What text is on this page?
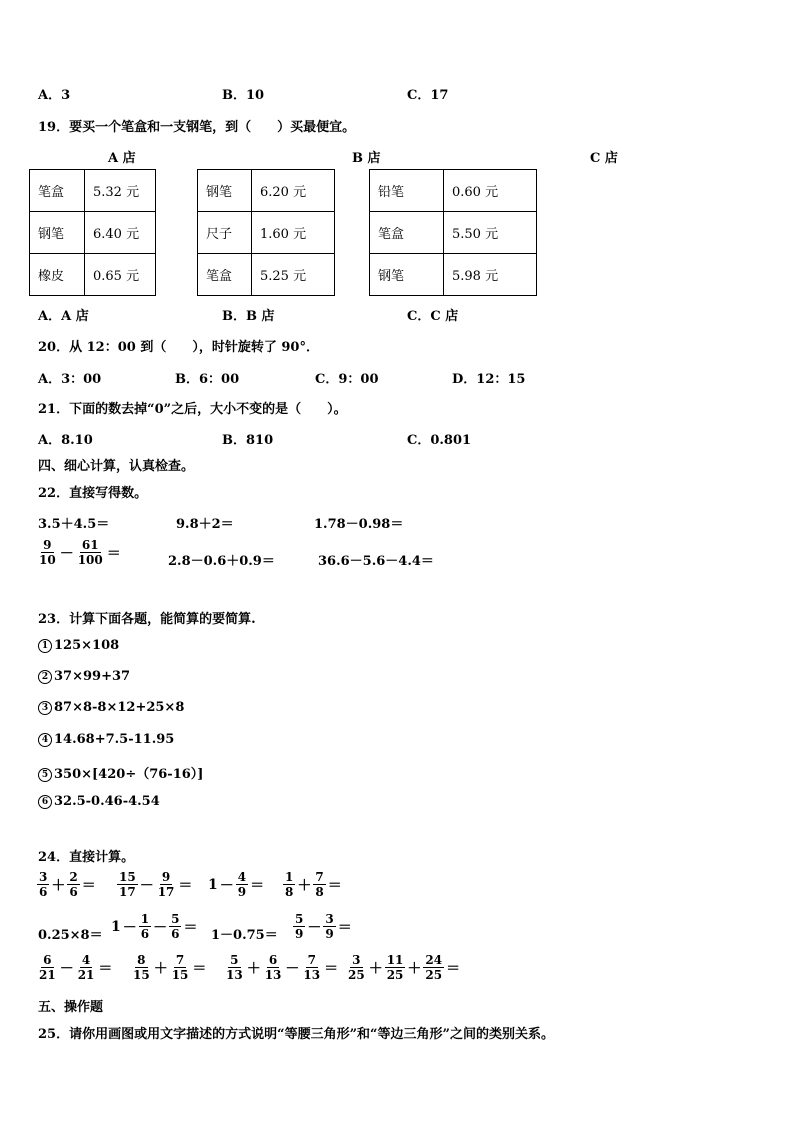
A．3	B．10	C．17
19．要买一个笔盒和一支钢笔，到（　　）买最便宜。
A 店	B 店	C 店
笔盒	5.32 元
钢笔	6.40 元
橡皮	0.65 元
钢笔	6.20 元
尺子	1.60 元
笔盒	5.25 元
铅笔	0.60 元
笔盒	5.50 元
钢笔	5.98 元
A．A 店	B．B 店	C．C 店
20．从 12：00 到（　　），时针旋转了 90°．
A．3：00	B．6：00	C．9：00	D．12：15
21．下面的数去掉“0”之后，大小不变的是（　　）。
A．8.10	B．810	C．0.801
四、细心计算，认真检查。
22．直接写得数。
3.5＋4.5＝	9.8＋2＝	1.78－0.98＝
$\frac{9}{10} - \frac{61}{100}$ ＝	2.8－0.6＋0.9＝	36.6－5.6－4.4＝
23．计算下面各题，能简算的要简算.
1 125×108
2 37×99+37
3 87×8-8×12+25×8
4 14.68+7.5-11.95
5 350×[420÷（76-16）]
6 32.5-0.46-4.54
24．直接计算。
$\frac{3}{6} + \frac{2}{6} = \frac{15}{17} - \frac{9}{17} = 1 - \frac{4}{9} = \frac{1}{8} + \frac{7}{8}$ ＝
0.25×8＝
$1 - \frac{1}{6} - \frac{5}{6} = 1-0.75= \frac{5}{9} - \frac{3}{9}$ ＝
$\frac{6}{21} - \frac{4}{21} = \frac{8}{15} + \frac{7}{15} = \frac{5}{13} + \frac{6}{13} - \frac{7}{13} = \frac{3}{25} + \frac{11}{25} + \frac{24}{25}$ ＝
五、操作题
25．请你用画图或用文字描述的方式说明“等腰三角形”和“等边三角形”之间的类别关系。
